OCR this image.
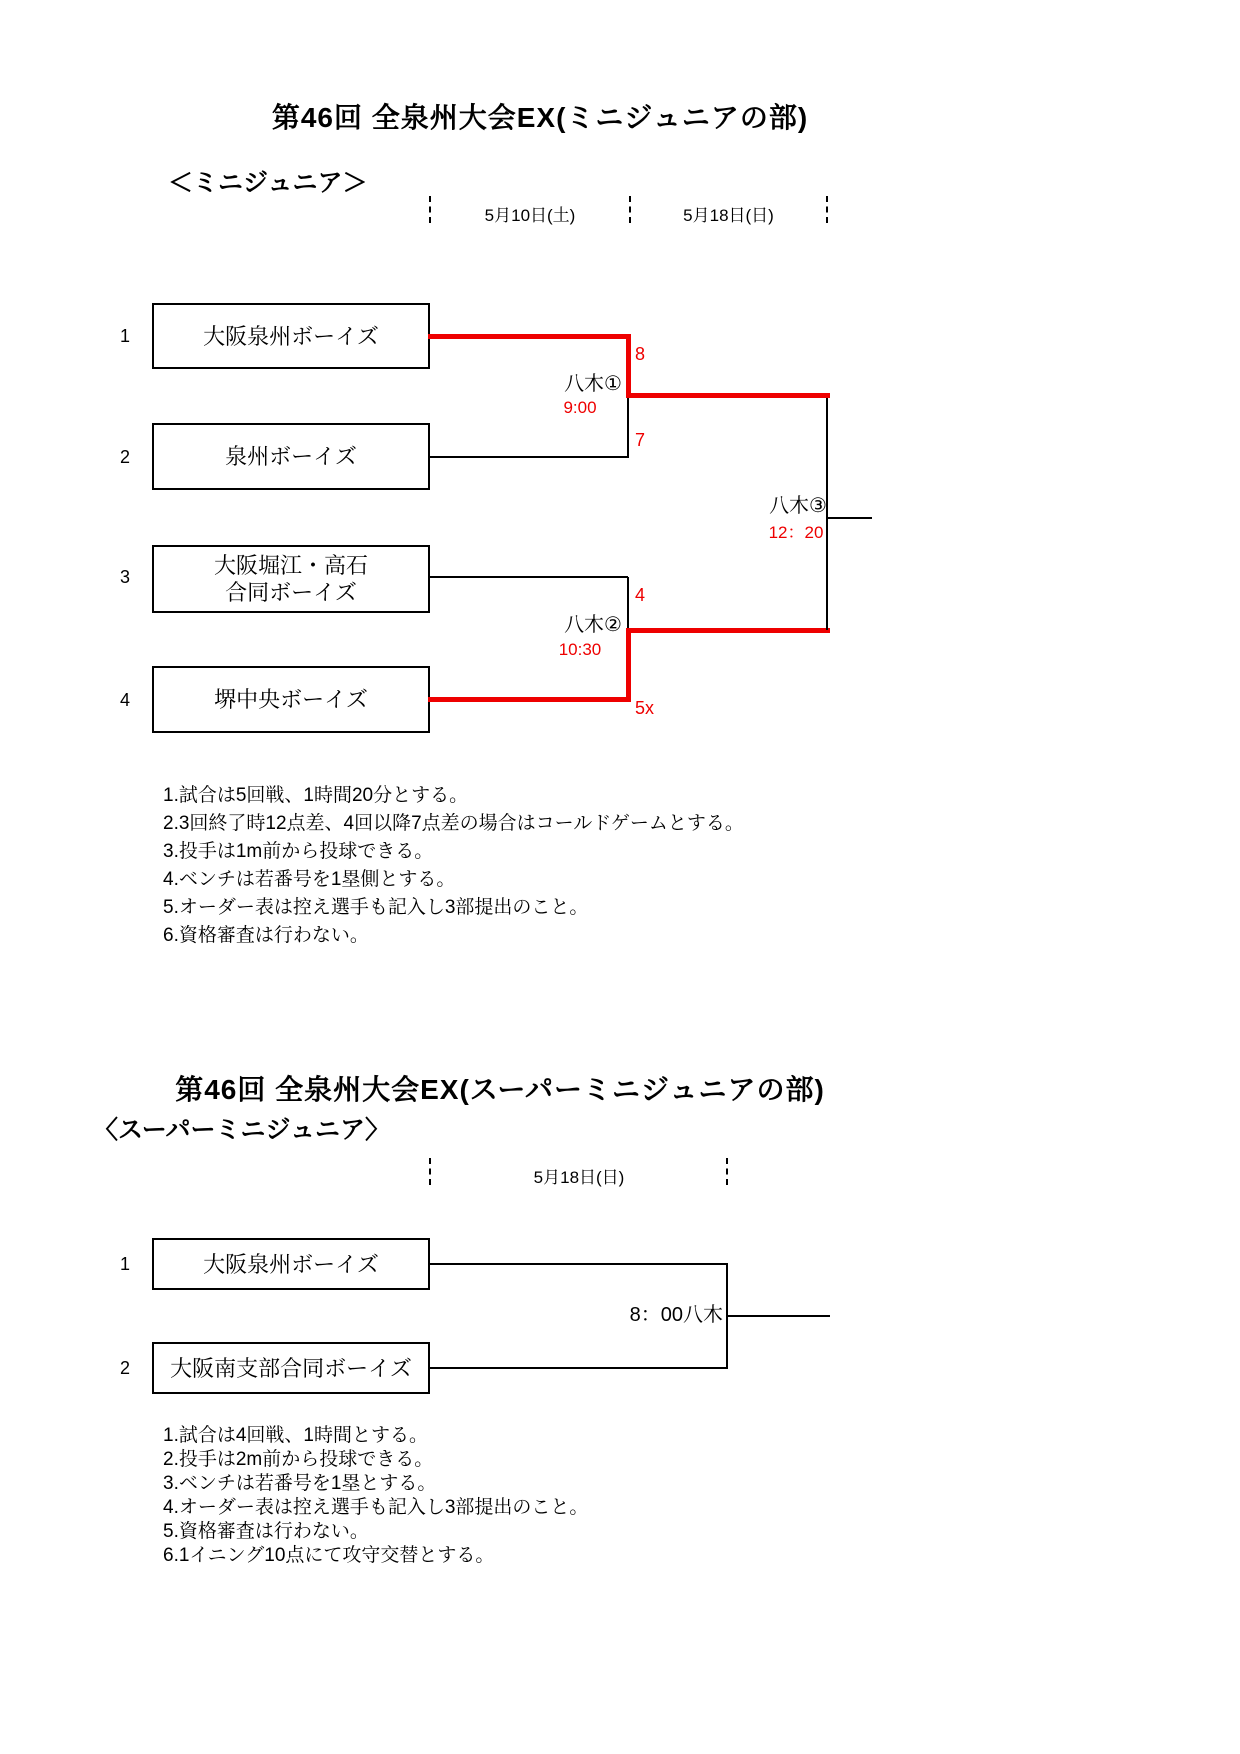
第46回 全泉州大会EX(ミニジュニアの部)
＜ミニジュニア＞
5月10日(土)	5月18日(日)
1
2
3
4
大阪泉州ボーイズ
泉州ボーイズ
大阪堀江・高石
合同ボーイズ
堺中央ボーイズ
8
7
4
5x
八木①
9:00
八木②
10:30
八木③
12：20
1.試合は5回戦、1時間20分とする。
2.3回終了時12点差、4回以降7点差の場合はコールドゲームとする。
3.投手は1m前から投球できる。
4.ベンチは若番号を1塁側とする。
5.オーダー表は控え選手も記入し3部提出のこと。
6.資格審査は行わない。
第46回 全泉州大会EX(スーパーミニジュニアの部)
〈スーパーミニジュニア〉
5月18日(日)
1
2
大阪泉州ボーイズ
大阪南支部合同ボーイズ
8：00八木
1.試合は4回戦、1時間とする。
2.投手は2m前から投球できる。
3.ベンチは若番号を1塁とする。
4.オーダー表は控え選手も記入し3部提出のこと。
5.資格審査は行わない。
6.1イニング10点にて攻守交替とする。
